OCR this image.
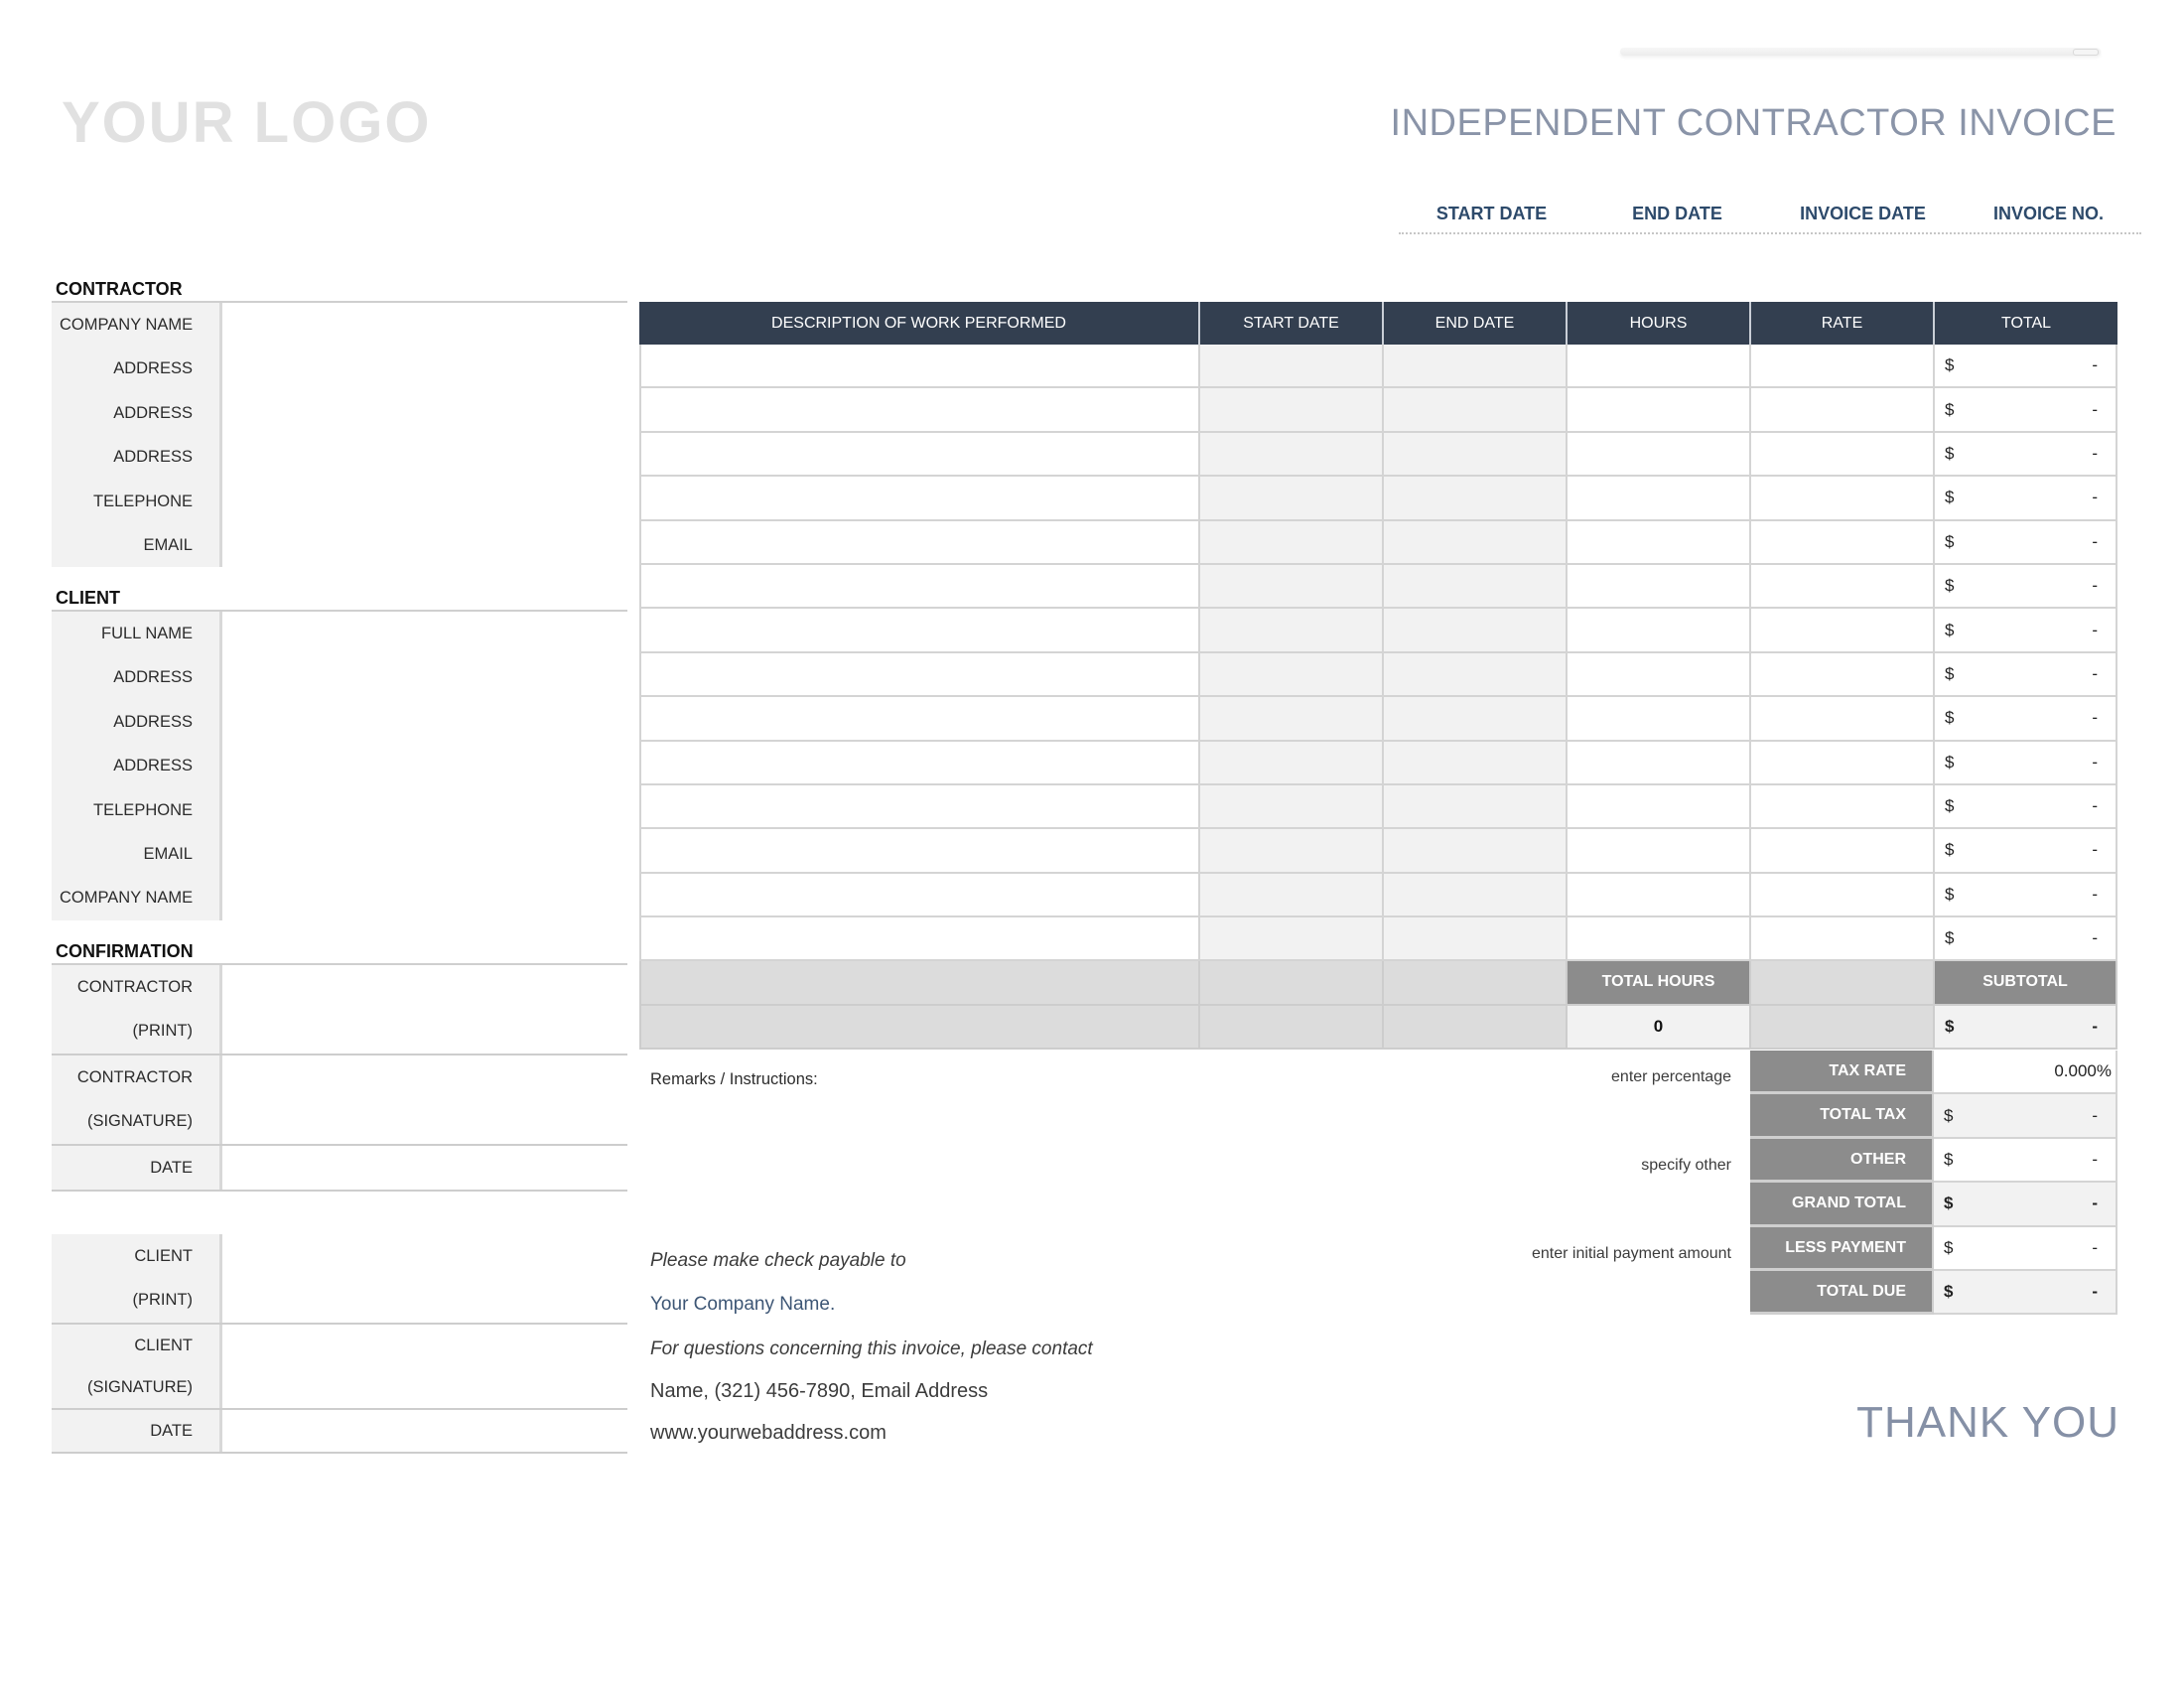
YOUR LOGO	INDEPENDENT CONTRACTOR INVOICE
START DATE	END DATE	INVOICE DATE	INVOICE NO.
CONTRACTOR
COMPANY NAME
ADDRESS
ADDRESS
ADDRESS
TELEPHONE
EMAIL
CLIENT
FULL NAME
ADDRESS
ADDRESS
ADDRESS
TELEPHONE
EMAIL
COMPANY NAME
CONFIRMATION
CONTRACTOR
(PRINT)
CONTRACTOR
(SIGNATURE)
DATE
CLIENT
(PRINT)
CLIENT
(SIGNATURE)
DATE
DESCRIPTION OF WORK PERFORMED	START DATE	END DATE	HOURS	RATE	TOTAL
$	-
$	-
$	-
$	-
$	-
$	-
$	-
$	-
$	-
$	-
$	-
$	-
$	-
$	-
TOTAL HOURS	SUBTOTAL
0	$	-
Remarks / Instructions:
Please make check payable to
Your Company Name.
For questions concerning this invoice, please contact
Name, (321) 456-7890, Email Address
www.yourwebaddress.com
enter percentage
specify other
enter initial payment amount
TAX RATE	0.000%
TOTAL TAX	$	-
OTHER	$	-
GRAND TOTAL	$	-
LESS PAYMENT	$	-
TOTAL DUE	$	-
THANK YOU
